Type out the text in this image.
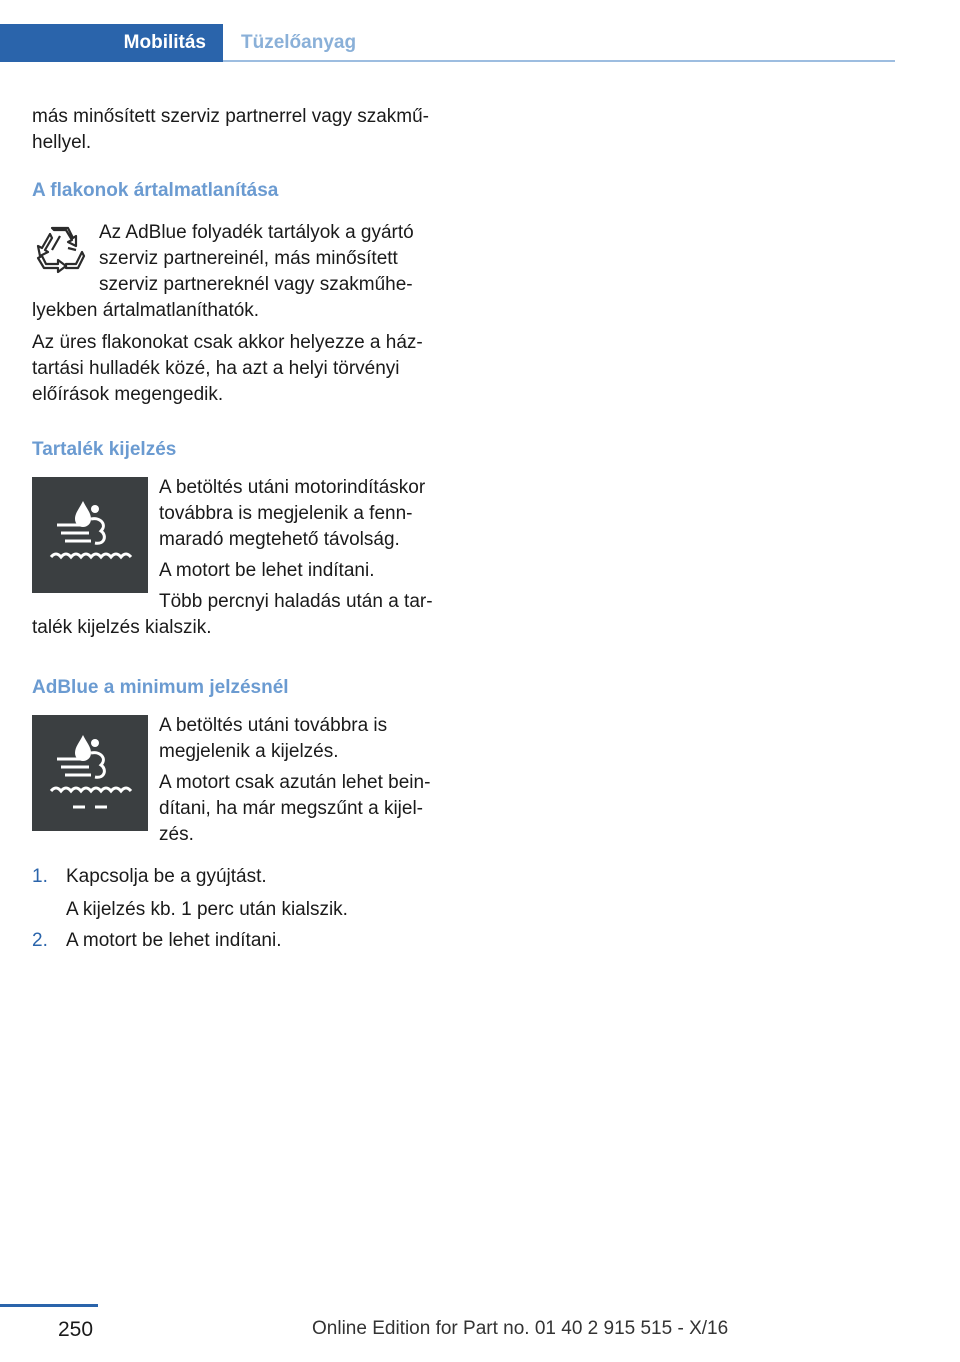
Mobilitás Tüzelőanyag

más minősített szerviz partnerrel vagy szakmű-

hellyel.

A flakonok ártalmatlanítása

Az AdBlue folyadék tartályok a gyártó

szerviz partnereinél, más minősített

szerviz partnereknél vagy szakműhe-

lyekben ártalmatlaníthatók.

Az üres flakonokat csak akkor helyezze a ház-

tartási hulladék közé, ha azt a helyi törvényi

előírások megengedik.

Tartalék kijelzés

A betöltés utáni motorindításkor

továbbra is megjelenik a fenn-

maradó megtehető távolság.

A motort be lehet indítani.

Több percnyi haladás után a tar-

talék kijelzés kialszik.

AdBlue a minimum jelzésnél

A betöltés utáni továbbra is

megjelenik a kijelzés.

A motort csak azután lehet bein-

dítani, ha már megszűnt a kijel-

zés.

1. Kapcsolja be a gyújtást.

A kijelzés kb. 1 perc után kialszik.

2. A motort be lehet indítani.

250	Online Edition for Part no. 01 40 2 915 515 - X/16
